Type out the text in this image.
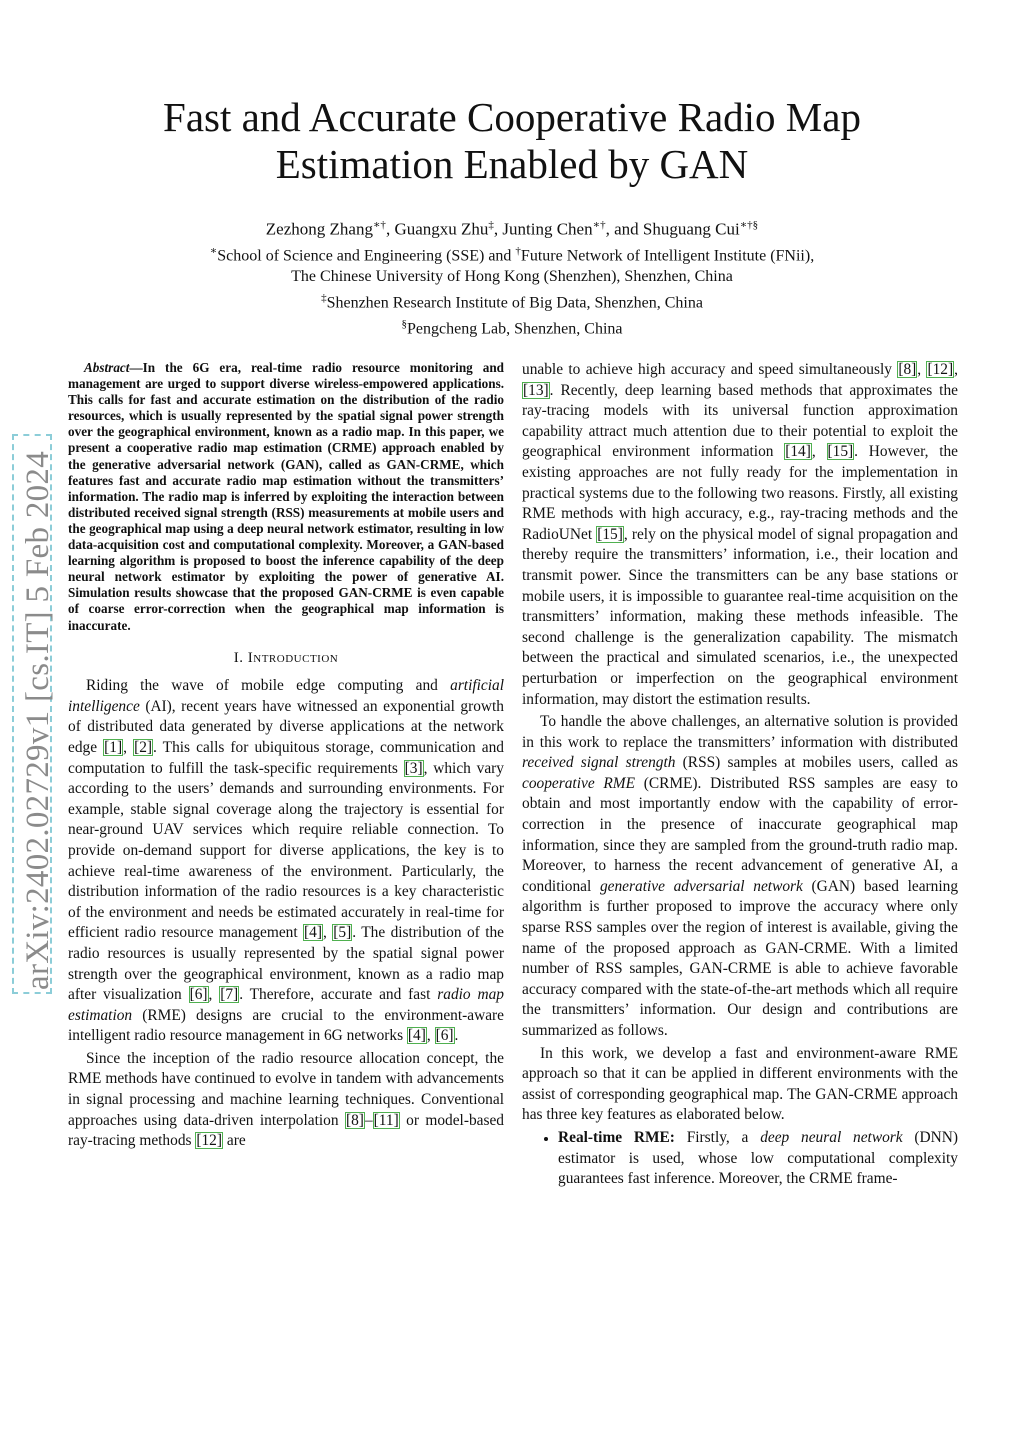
arXiv:2402.02729v1 [cs.IT] 5 Feb 2024
Fast and Accurate Cooperative Radio Map Estimation Enabled by GAN
Zezhong Zhang∗†, Guangxu Zhu‡, Junting Chen∗†, and Shuguang Cui∗†§
∗School of Science and Engineering (SSE) and †Future Network of Intelligent Institute (FNii),
The Chinese University of Hong Kong (Shenzhen), Shenzhen, China
‡Shenzhen Research Institute of Big Data, Shenzhen, China
§Pengcheng Lab, Shenzhen, China

Abstract—In the 6G era, real-time radio resource monitoring and management are urged to support diverse wireless-empowered applications. This calls for fast and accurate estimation on the distribution of the radio resources, which is usually represented by the spatial signal power strength over the geographical environment, known as a radio map. In this paper, we present a cooperative radio map estimation (CRME) approach enabled by the generative adversarial network (GAN), called as GAN-CRME, which features fast and accurate radio map estimation without the transmitters’ information. The radio map is inferred by exploiting the interaction between distributed received signal strength (RSS) measurements at mobile users and the geographical map using a deep neural network estimator, resulting in low data-acquisition cost and computational complexity. Moreover, a GAN-based learning algorithm is proposed to boost the inference capability of the deep neural network estimator by exploiting the power of generative AI. Simulation results showcase that the proposed GAN-CRME is even capable of coarse error-correction when the geographical map information is inaccurate.

I. Introduction

Riding the wave of mobile edge computing and artificial intelligence (AI), recent years have witnessed an exponential growth of distributed data generated by diverse applications at the network edge [1], [2]. This calls for ubiquitous storage, communication and computation to fulfill the task-specific requirements [3], which vary according to the users’ demands and surrounding environments. For example, stable signal coverage along the trajectory is essential for near-ground UAV services which require reliable connection. To provide on-demand support for diverse applications, the key is to achieve real-time awareness of the environment. Particularly, the distribution information of the radio resources is a key characteristic of the environment and needs be estimated accurately in real-time for efficient radio resource management [4], [5]. The distribution of the radio resources is usually represented by the spatial signal power strength over the geographical environment, known as a radio map after visualization [6], [7]. Therefore, accurate and fast radio map estimation (RME) designs are crucial to the environment-aware intelligent radio resource management in 6G networks [4], [6].

Since the inception of the radio resource allocation concept, the RME methods have continued to evolve in tandem with advancements in signal processing and machine learning techniques. Conventional approaches using data-driven interpolation [8]–[11] or model-based ray-tracing methods [12] are

unable to achieve high accuracy and speed simultaneously [8], [12], [13]. Recently, deep learning based methods that approximates the ray-tracing models with its universal function approximation capability attract much attention due to their potential to exploit the geographical environment information [14], [15]. However, the existing approaches are not fully ready for the implementation in practical systems due to the following two reasons. Firstly, all existing RME methods with high accuracy, e.g., ray-tracing methods and the RadioUNet [15], rely on the physical model of signal propagation and thereby require the transmitters’ information, i.e., their location and transmit power. Since the transmitters can be any base stations or mobile users, it is impossible to guarantee real-time acquisition on the transmitters’ information, making these methods infeasible. The second challenge is the generalization capability. The mismatch between the practical and simulated scenarios, i.e., the unexpected perturbation or imperfection on the geographical environment information, may distort the estimation results.

To handle the above challenges, an alternative solution is provided in this work to replace the transmitters’ information with distributed received signal strength (RSS) samples at mobiles users, called as cooperative RME (CRME). Distributed RSS samples are easy to obtain and most importantly endow with the capability of error-correction in the presence of inaccurate geographical map information, since they are sampled from the ground-truth radio map. Moreover, to harness the recent advancement of generative AI, a conditional generative adversarial network (GAN) based learning algorithm is further proposed to improve the accuracy where only sparse RSS samples over the region of interest is available, giving the name of the proposed approach as GAN-CRME. With a limited number of RSS samples, GAN-CRME is able to achieve favorable accuracy compared with the state-of-the-art methods which all require the transmitters’ information. Our design and contributions are summarized as follows.

In this work, we develop a fast and environment-aware RME approach so that it can be applied in different environments with the assist of corresponding geographical map. The GAN-CRME approach has three key features as elaborated below.

• Real-time RME: Firstly, a deep neural network (DNN) estimator is used, whose low computational complexity guarantees fast inference. Moreover, the CRME frame-
